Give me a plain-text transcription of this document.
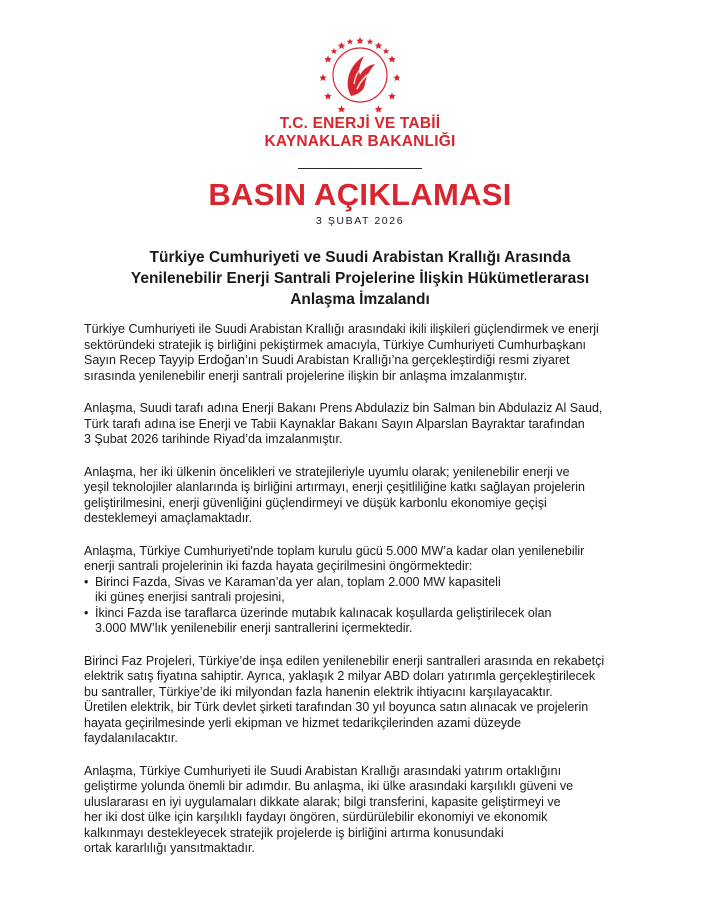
T.C. ENERJİ VE TABİİ
KAYNAKLAR BAKANLIĞI
BASIN AÇIKLAMASI
3 ŞUBAT 2026
Türkiye Cumhuriyeti ve Suudi Arabistan Krallığı Arasında
Yenilenebilir Enerji Santrali Projelerine İlişkin Hükümetlerarası
Anlaşma İmzalandı
Türkiye Cumhuriyeti ile Suudi Arabistan Krallığı arasındaki ikili ilişkileri güçlendirmek ve enerji
sektöründeki stratejik iş birliğini pekiştirmek amacıyla, Türkiye Cumhuriyeti Cumhurbaşkanı
Sayın Recep Tayyip Erdoğan’ın Suudi Arabistan Krallığı’na gerçekleştirdiği resmi ziyaret
sırasında yenilenebilir enerji santrali projelerine ilişkin bir anlaşma imzalanmıştır.
Anlaşma, Suudi tarafı adına Enerji Bakanı Prens Abdulaziz bin Salman bin Abdulaziz Al Saud,
Türk tarafı adına ise Enerji ve Tabii Kaynaklar Bakanı Sayın Alparslan Bayraktar tarafından
3 Şubat 2026 tarihinde Riyad’da imzalanmıştır.
Anlaşma, her iki ülkenin öncelikleri ve stratejileriyle uyumlu olarak; yenilenebilir enerji ve
yeşil teknolojiler alanlarında iş birliğini artırmayı, enerji çeşitliliğine katkı sağlayan projelerin
geliştirilmesini, enerji güvenliğini güçlendirmeyi ve düşük karbonlu ekonomiye geçişi
desteklemeyi amaçlamaktadır.
Anlaşma, Türkiye Cumhuriyeti'nde toplam kurulu gücü 5.000 MW’a kadar olan yenilenebilir
enerji santrali projelerinin iki fazda hayata geçirilmesini öngörmektedir:
• Birinci Fazda, Sivas ve Karaman’da yer alan, toplam 2.000 MW kapasiteli
iki güneş enerjisi santrali projesini,
• İkinci Fazda ise taraflarca üzerinde mutabık kalınacak koşullarda geliştirilecek olan
3.000 MW’lık yenilenebilir enerji santrallerini içermektedir.
Birinci Faz Projeleri, Türkiye’de inşa edilen yenilenebilir enerji santralleri arasında en rekabetçi
elektrik satış fiyatına sahiptir. Ayrıca, yaklaşık 2 milyar ABD doları yatırımla gerçekleştirilecek
bu santraller, Türkiye’de iki milyondan fazla hanenin elektrik ihtiyacını karşılayacaktır.
Üretilen elektrik, bir Türk devlet şirketi tarafından 30 yıl boyunca satın alınacak ve projelerin
hayata geçirilmesinde yerli ekipman ve hizmet tedarikçilerinden azami düzeyde
faydalanılacaktır.
Anlaşma, Türkiye Cumhuriyeti ile Suudi Arabistan Krallığı arasındaki yatırım ortaklığını
geliştirme yolunda önemli bir adımdır. Bu anlaşma, iki ülke arasındaki karşılıklı güveni ve
uluslararası en iyi uygulamaları dikkate alarak; bilgi transferini, kapasite geliştirmeyi ve
her iki dost ülke için karşılıklı faydayı öngören, sürdürülebilir ekonomiyi ve ekonomik
kalkınmayı destekleyecek stratejik projelerde iş birliğini artırma konusundaki
ortak kararlılığı yansıtmaktadır.
